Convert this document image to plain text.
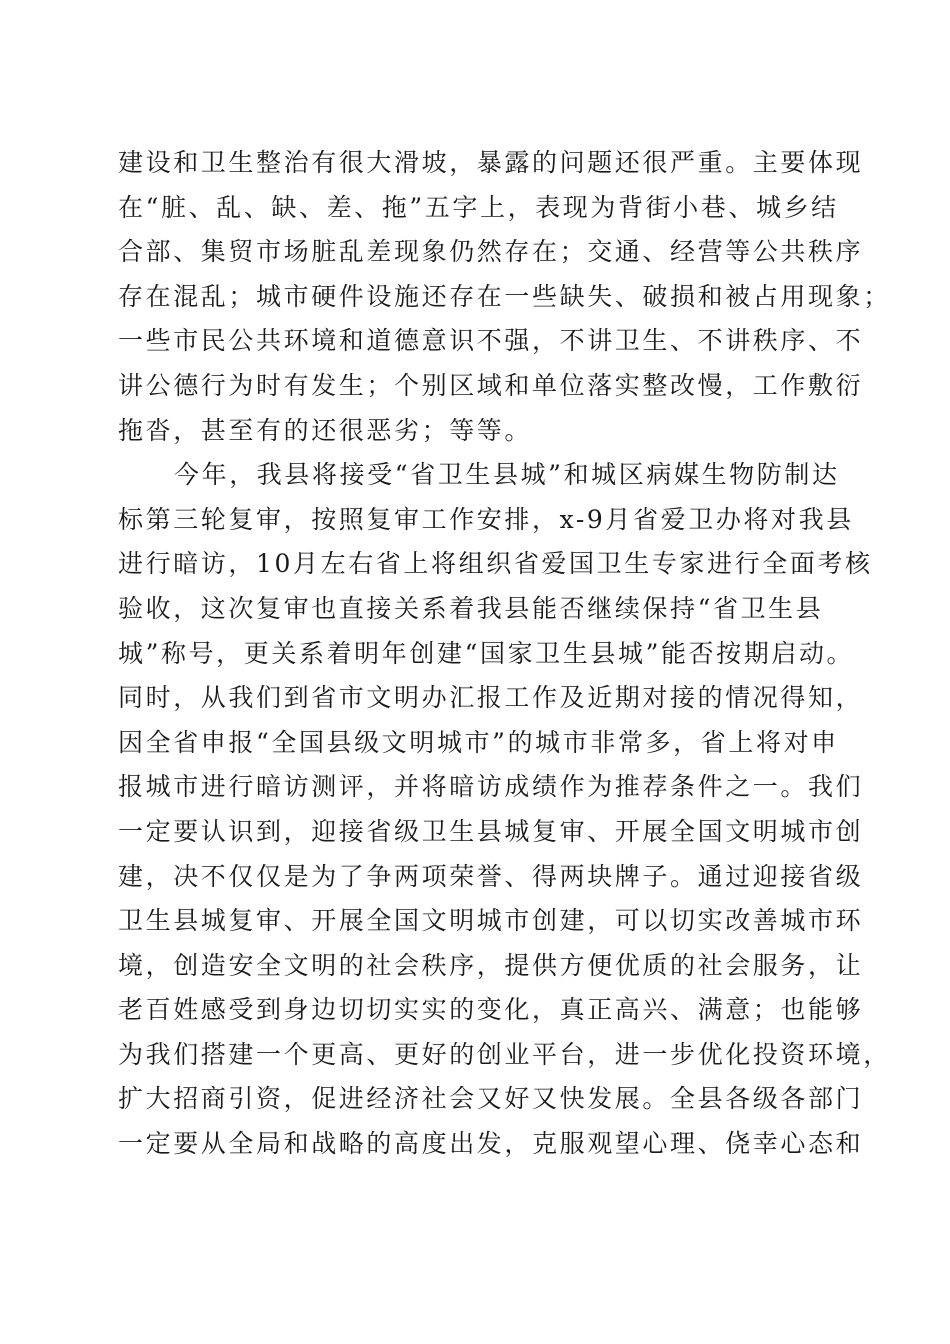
建设和卫生整治有很大滑坡，暴露的问题还很严重。主要体现
在“脏、乱、缺、差、拖”五字上，表现为背街小巷、城乡结
合部、集贸市场脏乱差现象仍然存在；交通、经营等公共秩序
存在混乱；城市硬件设施还存在一些缺失、破损和被占用现象；
一些市民公共环境和道德意识不强，不讲卫生、不讲秩序、不
讲公德行为时有发生；个别区域和单位落实整改慢，工作敷衍
拖沓，甚至有的还很恶劣；等等。
今年，我县将接受“省卫生县城”和城区病媒生物防制达
标第三轮复审，按照复审工作安排，x-9月省爱卫办将对我县
进行暗访，10月左右省上将组织省爱国卫生专家进行全面考核
验收，这次复审也直接关系着我县能否继续保持“省卫生县
城”称号，更关系着明年创建“国家卫生县城”能否按期启动。
同时，从我们到省市文明办汇报工作及近期对接的情况得知，
因全省申报“全国县级文明城市”的城市非常多，省上将对申
报城市进行暗访测评，并将暗访成绩作为推荐条件之一。我们
一定要认识到，迎接省级卫生县城复审、开展全国文明城市创
建，决不仅仅是为了争两项荣誉、得两块牌子。通过迎接省级
卫生县城复审、开展全国文明城市创建，可以切实改善城市环
境，创造安全文明的社会秩序，提供方便优质的社会服务，让
老百姓感受到身边切切实实的变化，真正高兴、满意；也能够
为我们搭建一个更高、更好的创业平台，进一步优化投资环境，
扩大招商引资，促进经济社会又好又快发展。全县各级各部门
一定要从全局和战略的高度出发，克服观望心理、侥幸心态和
